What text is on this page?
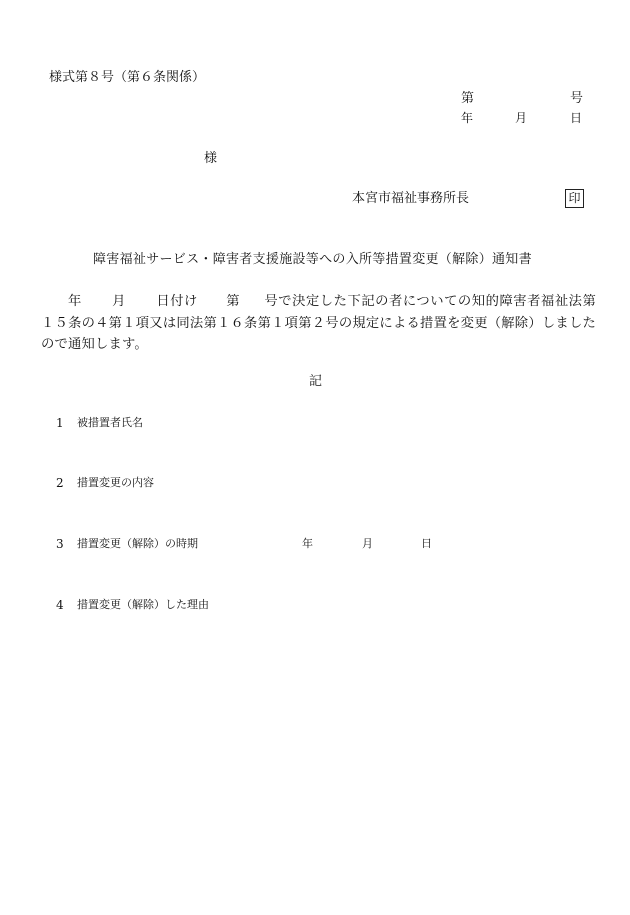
様式第８号（第６条関係）
第	号
年	月	日
様
本宮市福祉事務所長	印
障害福祉サービス・障害者支援施設等への入所等措置変更（解除）通知書
年 月 日付け 第 号で決定した下記の者についての知的障害者福祉法第１５条の４第１項又は同法第１６条第１項第２号の規定による措置を変更（解除）しましたので通知します。
記
1 被措置者氏名
2 措置変更の内容
3 措置変更（解除）の時期	年	月	日
4 措置変更（解除）した理由
